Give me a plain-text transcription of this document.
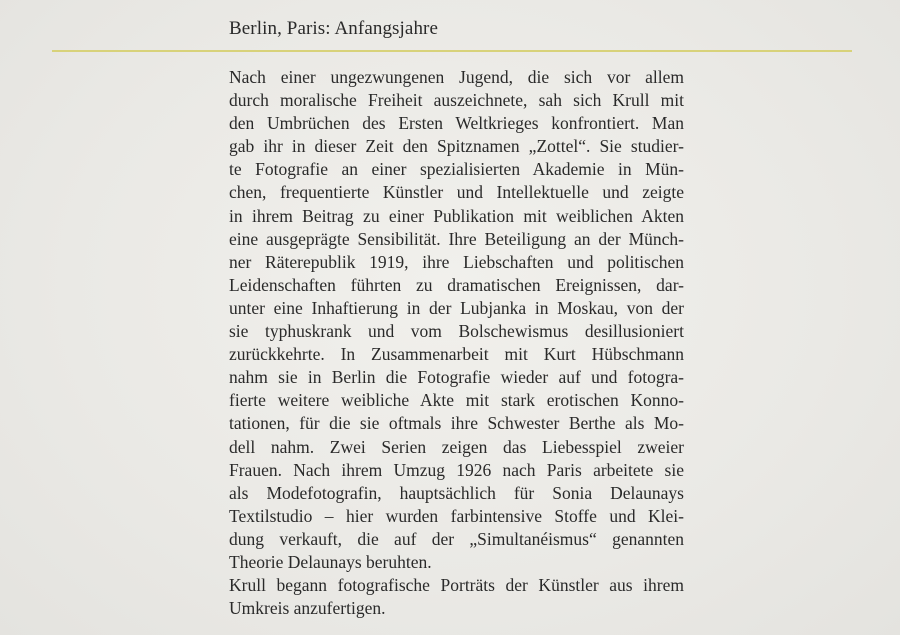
Berlin, Paris: Anfangsjahre
Nach einer ungezwungenen Jugend, die sich vor allem
durch moralische Freiheit auszeichnete, sah sich Krull mit
den Umbrüchen des Ersten Weltkrieges konfrontiert. Man
gab ihr in dieser Zeit den Spitznamen „Zottel“. Sie studier-
te Fotografie an einer spezialisierten Akademie in Mün-
chen, frequentierte Künstler und Intellektuelle und zeigte
in ihrem Beitrag zu einer Publikation mit weiblichen Akten
eine ausgeprägte Sensibilität. Ihre Beteiligung an der Münch-
ner Räterepublik 1919, ihre Liebschaften und politischen
Leidenschaften führten zu dramatischen Ereignissen, dar-
unter eine Inhaftierung in der Lubjanka in Moskau, von der
sie typhuskrank und vom Bolschewismus desillusioniert
zurückkehrte. In Zusammenarbeit mit Kurt Hübschmann
nahm sie in Berlin die Fotografie wieder auf und fotogra-
fierte weitere weibliche Akte mit stark erotischen Konno-
tationen, für die sie oftmals ihre Schwester Berthe als Mo-
dell nahm. Zwei Serien zeigen das Liebesspiel zweier
Frauen. Nach ihrem Umzug 1926 nach Paris arbeitete sie
als Modefotografin, hauptsächlich für Sonia Delaunays
Textilstudio – hier wurden farbintensive Stoffe und Klei-
dung verkauft, die auf der „Simultanéismus“ genannten
Theorie Delaunays beruhten.
Krull begann fotografische Porträts der Künstler aus ihrem
Umkreis anzufertigen.
